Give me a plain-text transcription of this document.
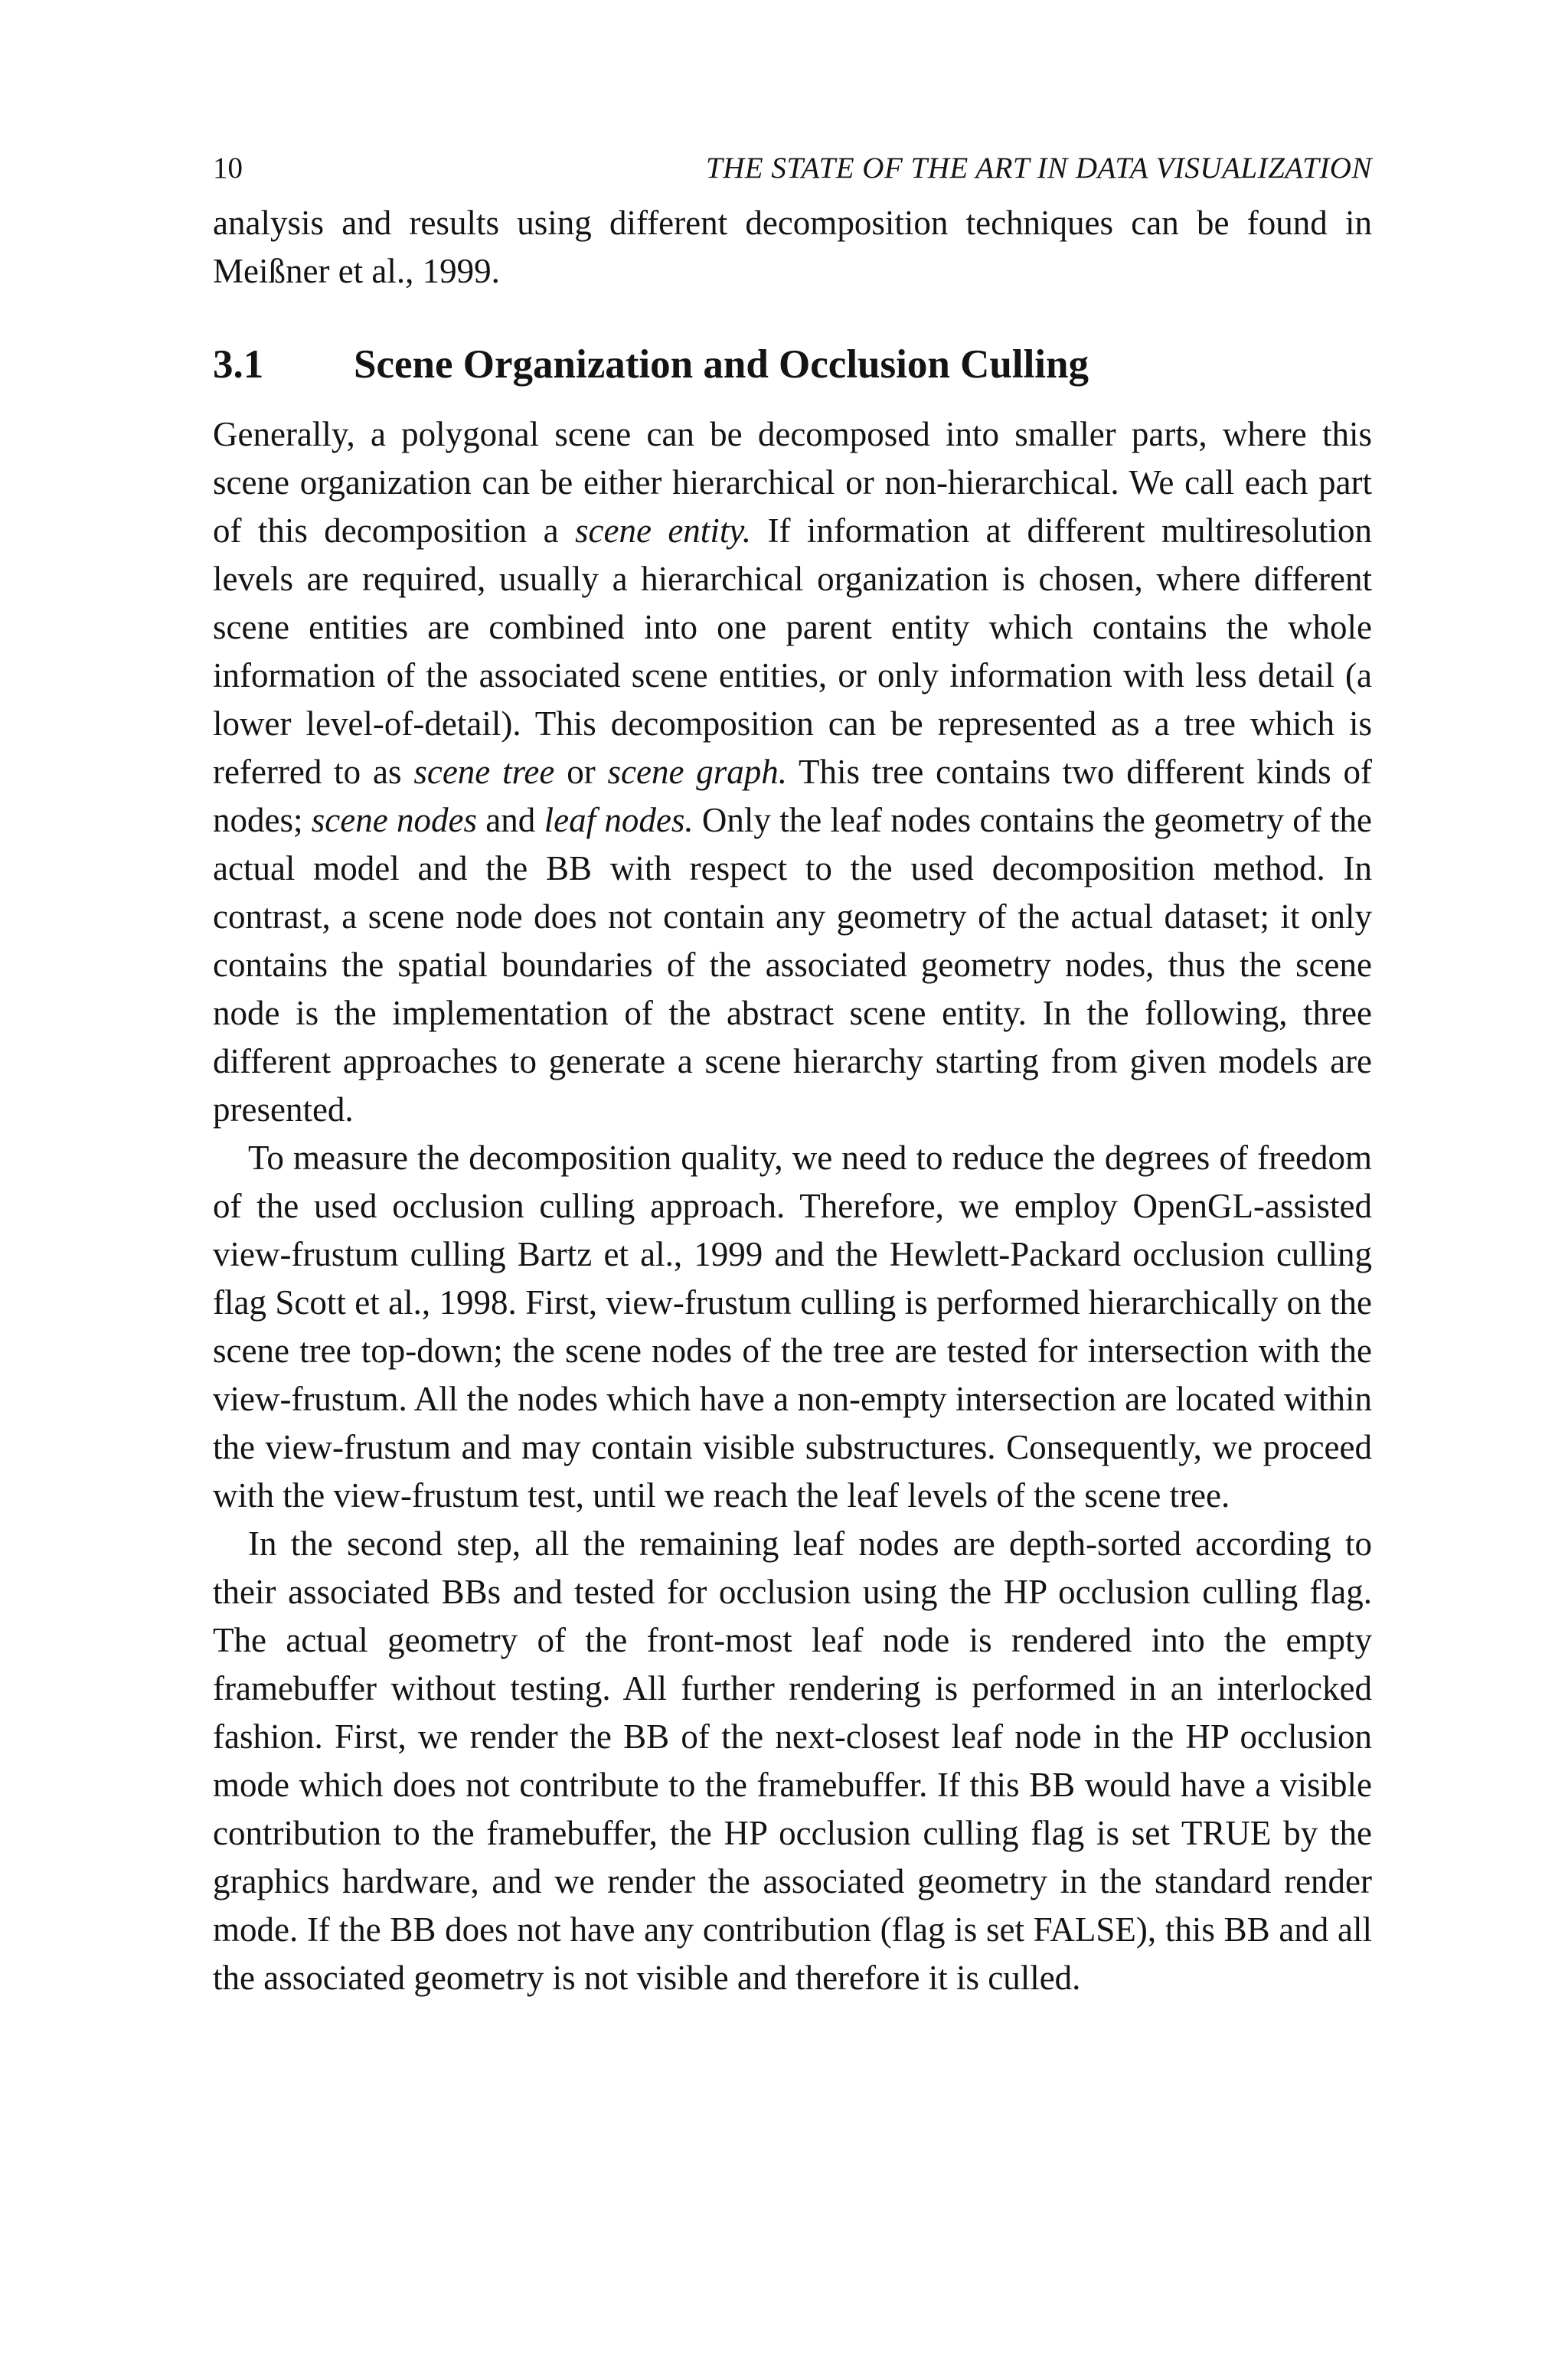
10	THE STATE OF THE ART IN DATA VISUALIZATION

analysis and results using different decomposition techniques can be found in Meißner et al., 1999.

3.1	Scene Organization and Occlusion Culling

Generally, a polygonal scene can be decomposed into smaller parts, where this scene organization can be either hierarchical or non-hierarchical. We call each part of this decomposition a scene entity. If information at different multiresolution levels are required, usually a hierarchical organization is chosen, where different scene entities are combined into one parent entity which contains the whole information of the associated scene entities, or only information with less detail (a lower level-of-detail). This decomposition can be represented as a tree which is referred to as scene tree or scene graph. This tree contains two different kinds of nodes; scene nodes and leaf nodes. Only the leaf nodes contains the geometry of the actual model and the BB with respect to the used decomposition method. In contrast, a scene node does not contain any geometry of the actual dataset; it only contains the spatial boundaries of the associated geometry nodes, thus the scene node is the implementation of the abstract scene entity. In the following, three different approaches to generate a scene hierarchy starting from given models are presented.

To measure the decomposition quality, we need to reduce the degrees of freedom of the used occlusion culling approach. Therefore, we employ OpenGL-assisted view-frustum culling Bartz et al., 1999 and the Hewlett-Packard occlusion culling flag Scott et al., 1998. First, view-frustum culling is performed hierarchically on the scene tree top-down; the scene nodes of the tree are tested for intersection with the view-frustum. All the nodes which have a non-empty intersection are located within the view-frustum and may contain visible substructures. Consequently, we proceed with the view-frustum test, until we reach the leaf levels of the scene tree.

In the second step, all the remaining leaf nodes are depth-sorted according to their associated BBs and tested for occlusion using the HP occlusion culling flag. The actual geometry of the front-most leaf node is rendered into the empty framebuffer without testing. All further rendering is performed in an interlocked fashion. First, we render the BB of the next-closest leaf node in the HP occlusion mode which does not contribute to the framebuffer. If this BB would have a visible contribution to the framebuffer, the HP occlusion culling flag is set TRUE by the graphics hardware, and we render the associated geometry in the standard render mode. If the BB does not have any contribution (flag is set FALSE), this BB and all the associated geometry is not visible and therefore it is culled.
